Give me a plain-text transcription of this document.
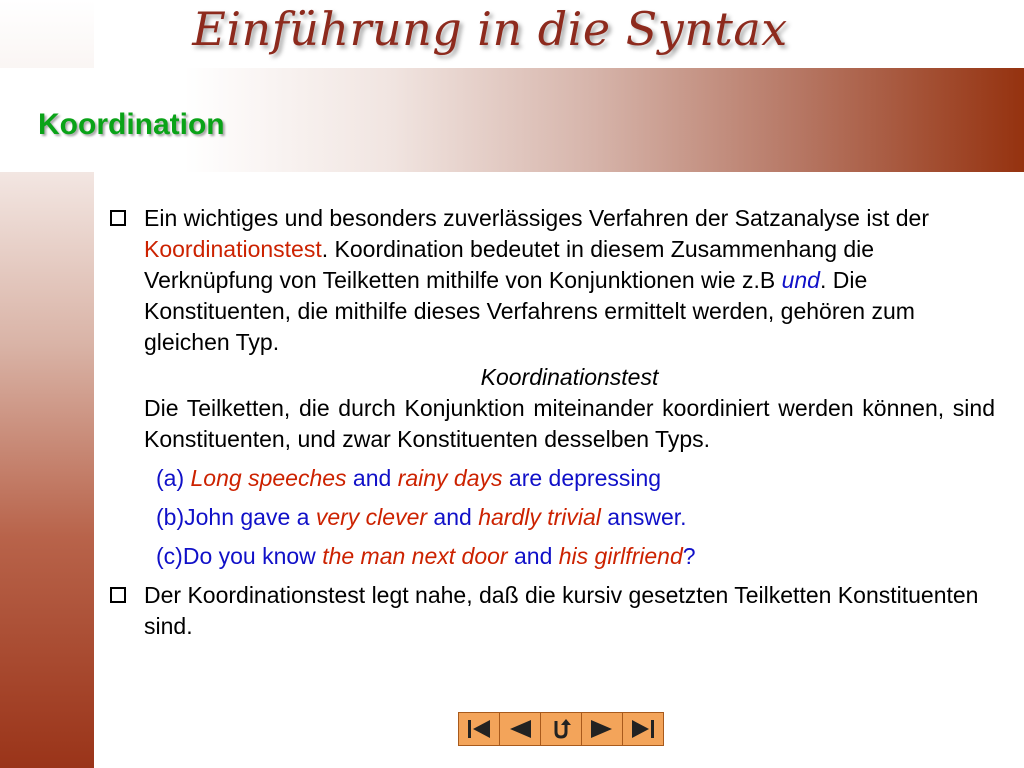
Einführung in die Syntax
Koordination
Ein wichtiges und besonders zuverlässiges Verfahren der Satzanalyse ist der Koordinationstest. Koordination bedeutet in diesem Zusammenhang die Verknüpfung von Teilketten mithilfe von Konjunktionen wie z.B und. Die Konstituenten, die mithilfe dieses Verfahrens ermittelt werden, gehören zum gleichen Typ.
Koordinationstest
Die Teilketten, die durch Konjunktion miteinander koordiniert werden können, sind Konstituenten, und zwar Konstituenten desselben Typs.
(a) Long speeches and rainy days are depressing
(b)John gave a very clever and hardly trivial answer.
(c)Do you know the man next door and his girlfriend?
Der Koordinationstest legt nahe, daß die kursiv gesetzten Teilketten Konstituenten sind.
